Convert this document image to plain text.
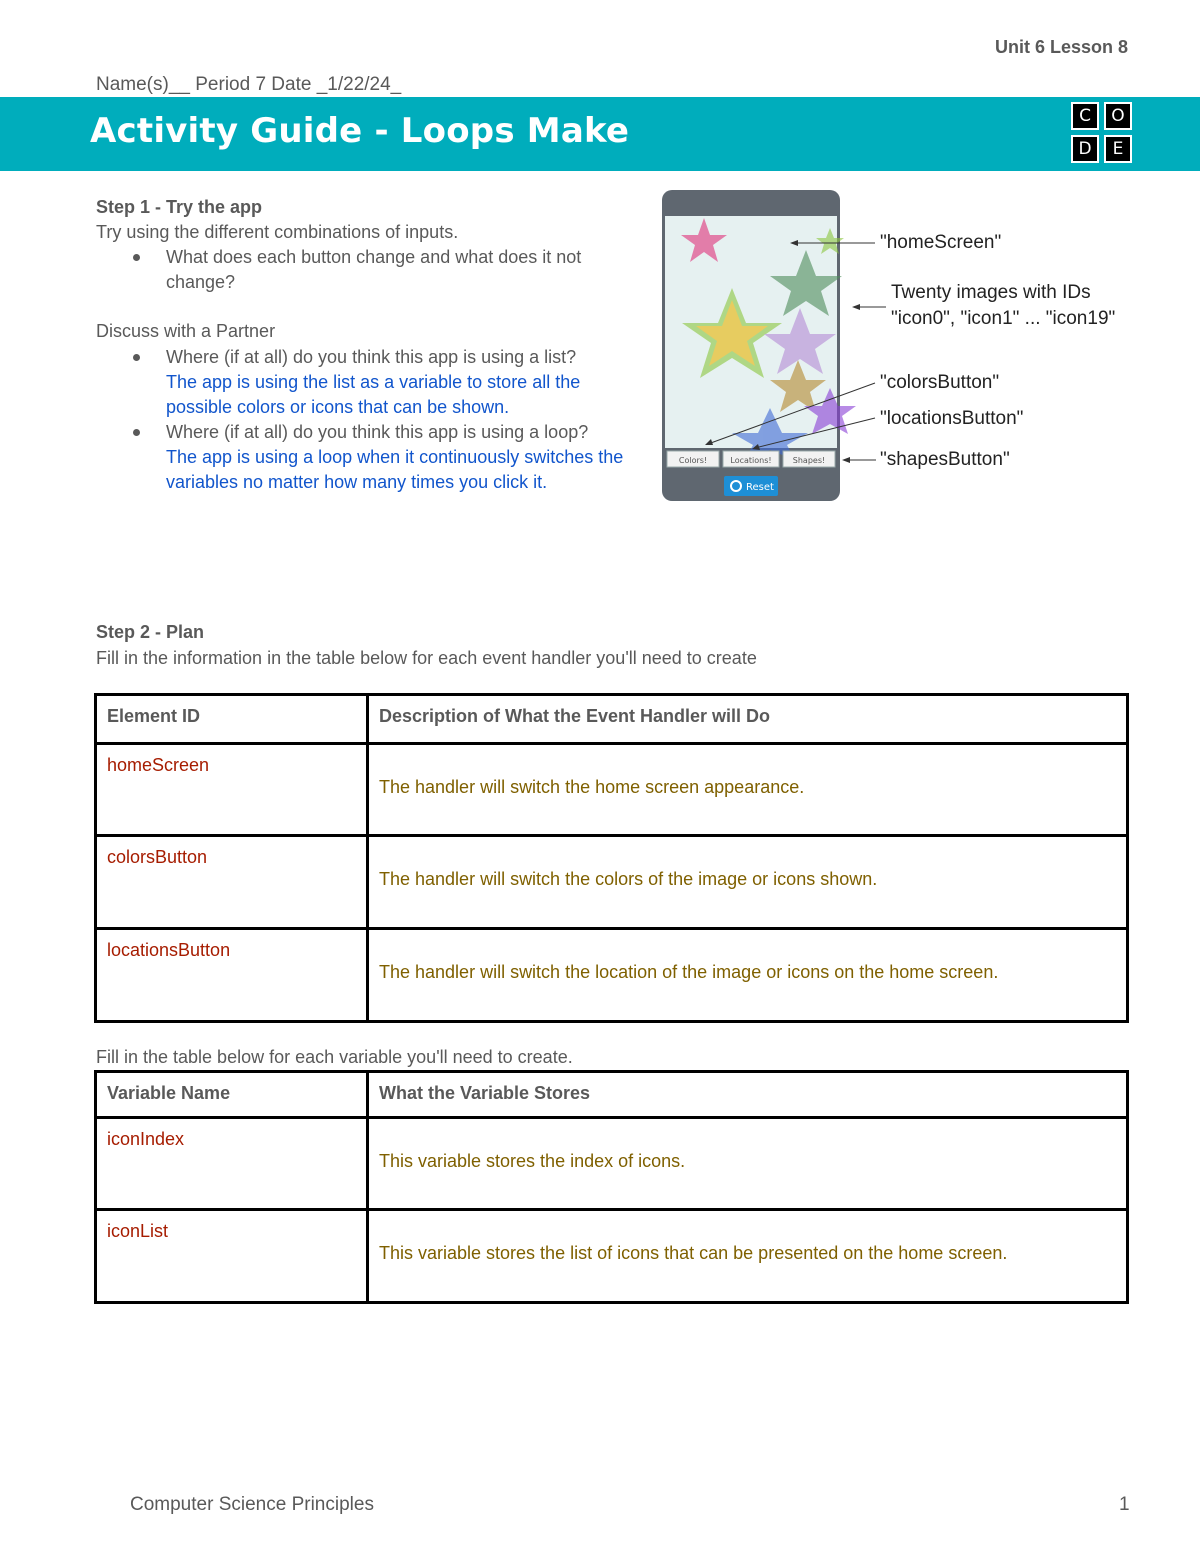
Unit 6 Lesson 8
Name(s)__ Period 7 Date _1/22/24_
Activity Guide - Loops Make	C	O
D	E
Step 1 - Try the app
Try using the different combinations of inputs.
What does each button change and what does it not change?
Discuss with a Partner
Where (if at all) do you think this app is using a list?
The app is using the list as a variable to store all the possible colors or icons that can be shown.
Where (if at all) do you think this app is using a loop?
The app is using a loop when it continuously switches the variables no matter how many times you click it.
Colors!	Locations!	Shapes!
Reset
"homeScreen"
Twenty images with IDs
"icon0", "icon1" ... "icon19"
"colorsButton"
"locationsButton"
"shapesButton"
Step 2 - Plan
Fill in the information in the table below for each event handler you'll need to create
Element ID	Description of What the Event Handler will Do
homeScreen	The handler will switch the home screen appearance.
colorsButton	The handler will switch the colors of the image or icons shown.
locationsButton	The handler will switch the location of the image or icons on the home screen.
Fill in the table below for each variable you'll need to create.
Variable Name	What the Variable Stores
iconIndex	This variable stores the index of icons.
iconList	This variable stores the list of icons that can be presented on the home screen.
Computer Science Principles	1
